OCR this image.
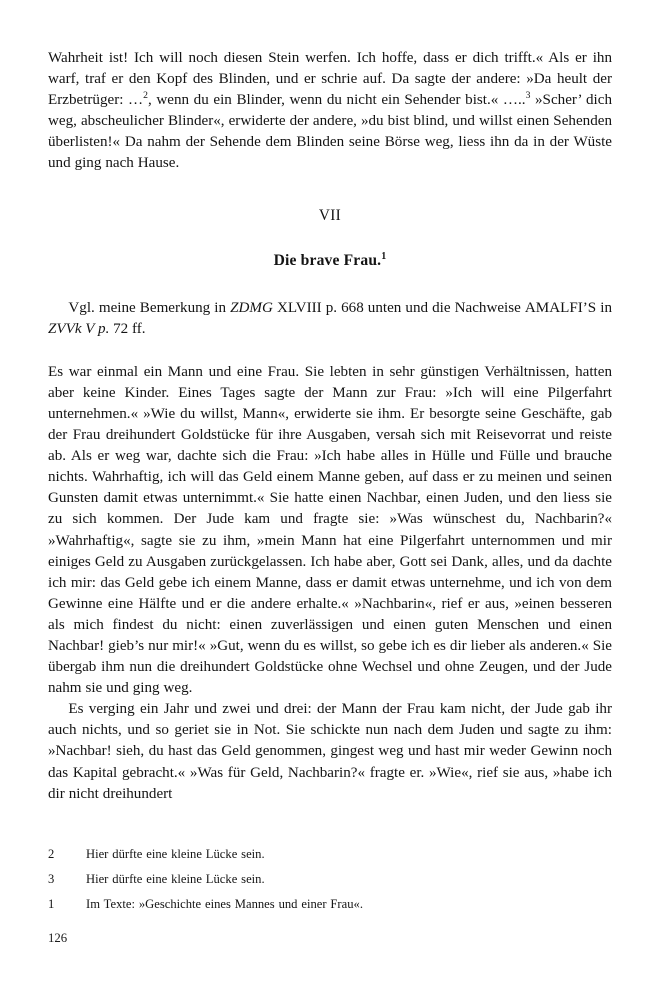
Wahrheit ist! Ich will noch diesen Stein werfen. Ich hoffe, dass er dich trifft.« Als er ihn warf, traf er den Kopf des Blinden, und er schrie auf. Da sagte der andere: »Da heult der Erzbetrüger: …$^2$, wenn du ein Blinder, wenn du nicht ein Sehender bist.« …..$^3$ »Scher’ dich weg, abscheulicher Blinder«, erwiderte der andere, »du bist blind, und willst einen Sehenden überlisten!« Da nahm der Sehende dem Blinden seine Börse weg, liess ihn da in der Wüste und ging nach Hause.

VII

Die brave Frau.$^1$

Vgl. meine Bemerkung in ZDMG XLVIII p. 668 unten und die Nachweise AMALFI’S in ZVVk V p. 72 ff.

Es war einmal ein Mann und eine Frau. Sie lebten in sehr günstigen Verhältnissen, hatten aber keine Kinder. Eines Tages sagte der Mann zur Frau: »Ich will eine Pilgerfahrt unternehmen.« »Wie du willst, Mann«, erwiderte sie ihm. Er besorgte seine Geschäfte, gab der Frau dreihundert Goldstücke für ihre Ausgaben, versah sich mit Reisevorrat und reiste ab. Als er weg war, dachte sich die Frau: »Ich habe alles in Hülle und Fülle und brauche nichts. Wahrhaftig, ich will das Geld einem Manne geben, auf dass er zu meinen und seinen Gunsten damit etwas unternimmt.« Sie hatte einen Nachbar, einen Juden, und den liess sie zu sich kommen. Der Jude kam und fragte sie: »Was wünschest du, Nachbarin?« »Wahrhaftig«, sagte sie zu ihm, »mein Mann hat eine Pilgerfahrt unternommen und mir einiges Geld zu Ausgaben zurückgelassen. Ich habe aber, Gott sei Dank, alles, und da dachte ich mir: das Geld gebe ich einem Manne, dass er damit etwas unternehme, und ich von dem Gewinne eine Hälfte und er die andere erhalte.« »Nachbarin«, rief er aus, »einen besseren als mich findest du nicht: einen zuverlässigen und einen guten Menschen und einen Nachbar! gieb’s nur mir!« »Gut, wenn du es willst, so gebe ich es dir lieber als anderen.« Sie übergab ihm nun die dreihundert Goldstücke ohne Wechsel und ohne Zeugen, und der Jude nahm sie und ging weg.

Es verging ein Jahr und zwei und drei: der Mann der Frau kam nicht, der Jude gab ihr auch nichts, und so geriet sie in Not. Sie schickte nun nach dem Juden und sagte zu ihm: »Nachbar! sieh, du hast das Geld genommen, gingest weg und hast mir weder Gewinn noch das Kapital gebracht.« »Was für Geld, Nachbarin?« fragte er. »Wie«, rief sie aus, »habe ich dir nicht dreihundert

2	Hier dürfte eine kleine Lücke sein.
3	Hier dürfte eine kleine Lücke sein.
1	Im Texte: »Geschichte eines Mannes und einer Frau«.
126
